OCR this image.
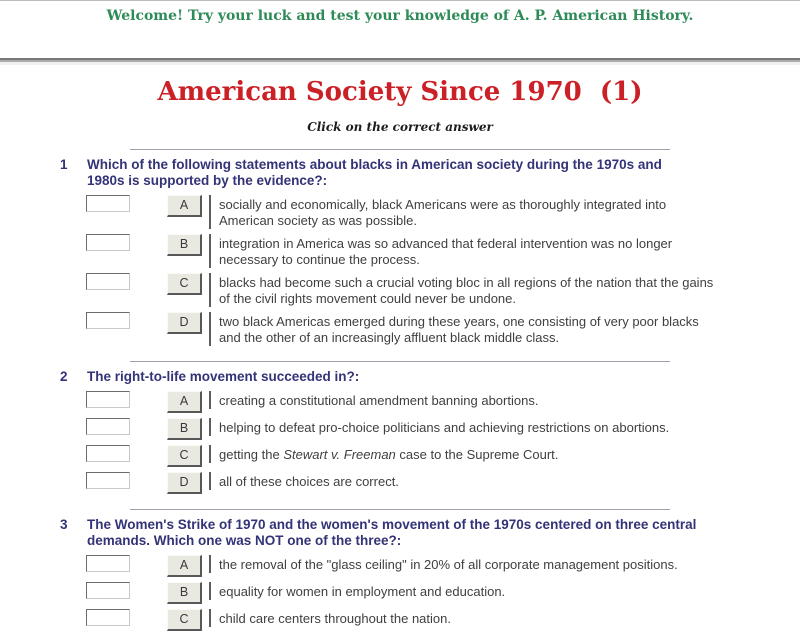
Welcome! Try your luck and test your knowledge of A. P. American History.
American Society Since 1970  (1)
Click on the correct answer
1	Which of the following statements about blacks in American society during the 1970s and 1980s is supported by the evidence?:
A	socially and economically, black Americans were as thoroughly integrated into American society as was possible.
B	integration in America was so advanced that federal intervention was no longer necessary to continue the process.
C	blacks had become such a crucial voting bloc in all regions of the nation that the gains of the civil rights movement could never be undone.
D	two black Americas emerged during these years, one consisting of very poor blacks and the other of an increasingly affluent black middle class.
2	The right-to-life movement succeeded in?:
A	creating a constitutional amendment banning abortions.
B	helping to defeat pro-choice politicians and achieving restrictions on abortions.
C	getting the Stewart v. Freeman case to the Supreme Court.
D	all of these choices are correct.
3	The Women's Strike of 1970 and the women's movement of the 1970s centered on three central demands. Which one was NOT one of the three?:
A	the removal of the "glass ceiling" in 20% of all corporate management positions.
B	equality for women in employment and education.
C	child care centers throughout the nation.
